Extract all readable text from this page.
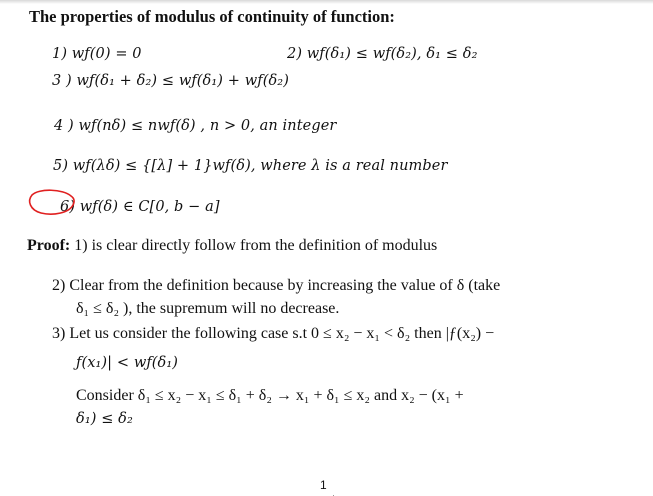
The properties of modulus of continuity of function:
1) wƒ(0) = 0	2) wƒ(δ₁) ≤ wƒ(δ₂), δ₁ ≤ δ₂
3 ) wƒ(δ₁ + δ₂) ≤ wƒ(δ₁) + wƒ(δ₂)
4 ) wƒ(nδ) ≤ nwƒ(δ) , n > 0, an integer
5) wƒ(λδ) ≤ {[λ] + 1}wƒ(δ), where λ is a real number
6) wƒ(δ) ∈ C[0, b − a]
Proof: 1) is clear directly follow from the definition of modulus
2) Clear from the definition because by increasing the value of δ (take
δ₁ ≤ δ₂ ), the supremum will no decrease.
3) Let us consider the following case s.t 0 ≤ x₂ − x₁ < δ₂ then |ƒ(x₂) −
ƒ(x₁)| < wƒ(δ₁)
Consider δ₁ ≤ x₂ − x₁ ≤ δ₁ + δ₂ → x₁ + δ₁ ≤ x₂ and x₂ − (x₁ +
δ₁) ≤ δ₂
1
